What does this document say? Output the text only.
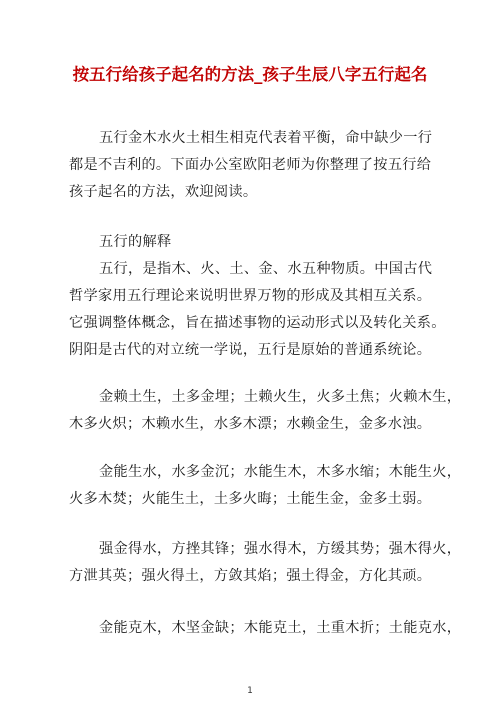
按五行给孩子起名的方法_孩子生辰八字五行起名
五行金木水火土相生相克代表着平衡，命中缺少一行
都是不吉利的。下面办公室欧阳老师为你整理了按五行给
孩子起名的方法，欢迎阅读。
五行的解释
五行，是指木、火、土、金、水五种物质。中国古代
哲学家用五行理论来说明世界万物的形成及其相互关系。
它强调整体概念，旨在描述事物的运动形式以及转化关系。
阴阳是古代的对立统一学说，五行是原始的普通系统论。
金赖土生，土多金埋；土赖火生，火多土焦；火赖木生，
木多火炽；木赖水生，水多木漂；水赖金生，金多水浊。
金能生水，水多金沉；水能生木，木多水缩；木能生火，
火多木焚；火能生土，土多火晦；土能生金，金多土弱。
强金得水，方挫其锋；强水得木，方缓其势；强木得火，
方泄其英；强火得土，方敛其焰；强土得金，方化其顽。
金能克木，木坚金缺；木能克土，土重木折；土能克水，
1
